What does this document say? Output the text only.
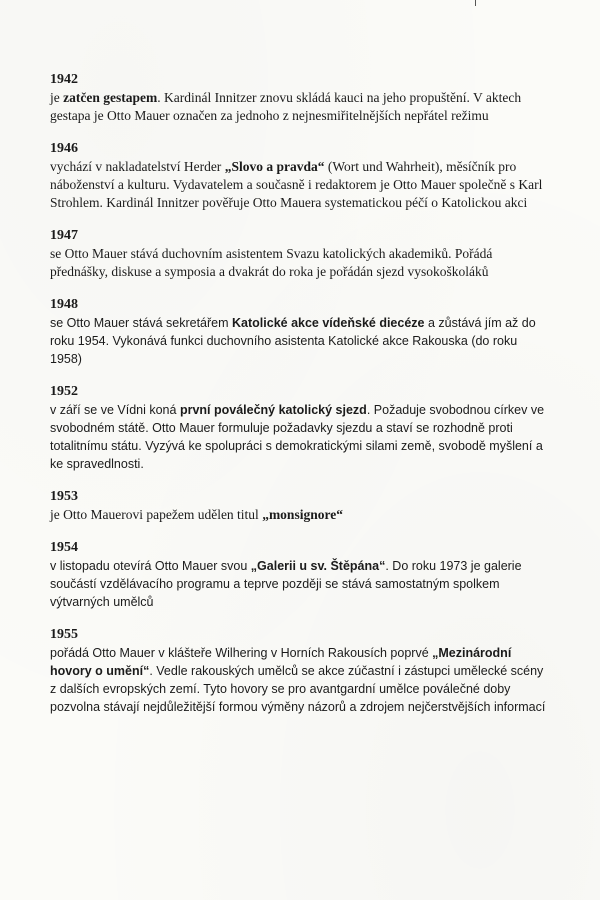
1942

je zatčen gestapem. Kardinál Innitzer znovu skládá kauci na jeho propuštění. V aktech gestapa je Otto Mauer označen za jednoho z nejnesmiřitelnějších nepřátel režimu

1946

vychází v nakladatelství Herder „Slovo a pravda“ (Wort und Wahrheit), měsíčník pro náboženství a kulturu. Vydavatelem a současně i redaktorem je Otto Mauer společně s Karl Strohlem. Kardinál Innitzer pověřuje Otto Mauera systematickou péčí o Katolickou akci

1947

se Otto Mauer stává duchovním asistentem Svazu katolických akademiků. Pořádá přednášky, diskuse a symposia a dvakrát do roka je pořádán sjezd vysokoškoláků

1948

se Otto Mauer stává sekretářem Katolické akce vídeňské diecéze a zůstává jím až do roku 1954. Vykonává funkci duchovního asistenta Katolické akce Rakouska (do roku 1958)

1952

v září se ve Vídni koná první poválečný katolický sjezd. Požaduje svobodnou církev ve svobodném státě. Otto Mauer formuluje požadavky sjezdu a staví se rozhodně proti totalitnímu státu. Vyzývá ke spolupráci s demokratickými silami země, svobodě myšlení a ke spravedlnosti.

1953

je Otto Mauerovi papežem udělen titul „monsignore“

1954

v listopadu otevírá Otto Mauer svou „Galerii u sv. Štěpána“. Do roku 1973 je galerie součástí vzdělávacího programu a teprve později se stává samostatným spolkem výtvarných umělců

1955

pořádá Otto Mauer v klášteře Wilhering v Horních Rakousích poprvé „Mezinárodní hovory o umění“. Vedle rakouských umělců se akce zúčastní i zástupci umělecké scény z dalších evropských zemí. Tyto hovory se pro avantgardní umělce poválečné doby pozvolna stávají nejdůležitější formou výměny názorů a zdrojem nejčerstvějších informací
